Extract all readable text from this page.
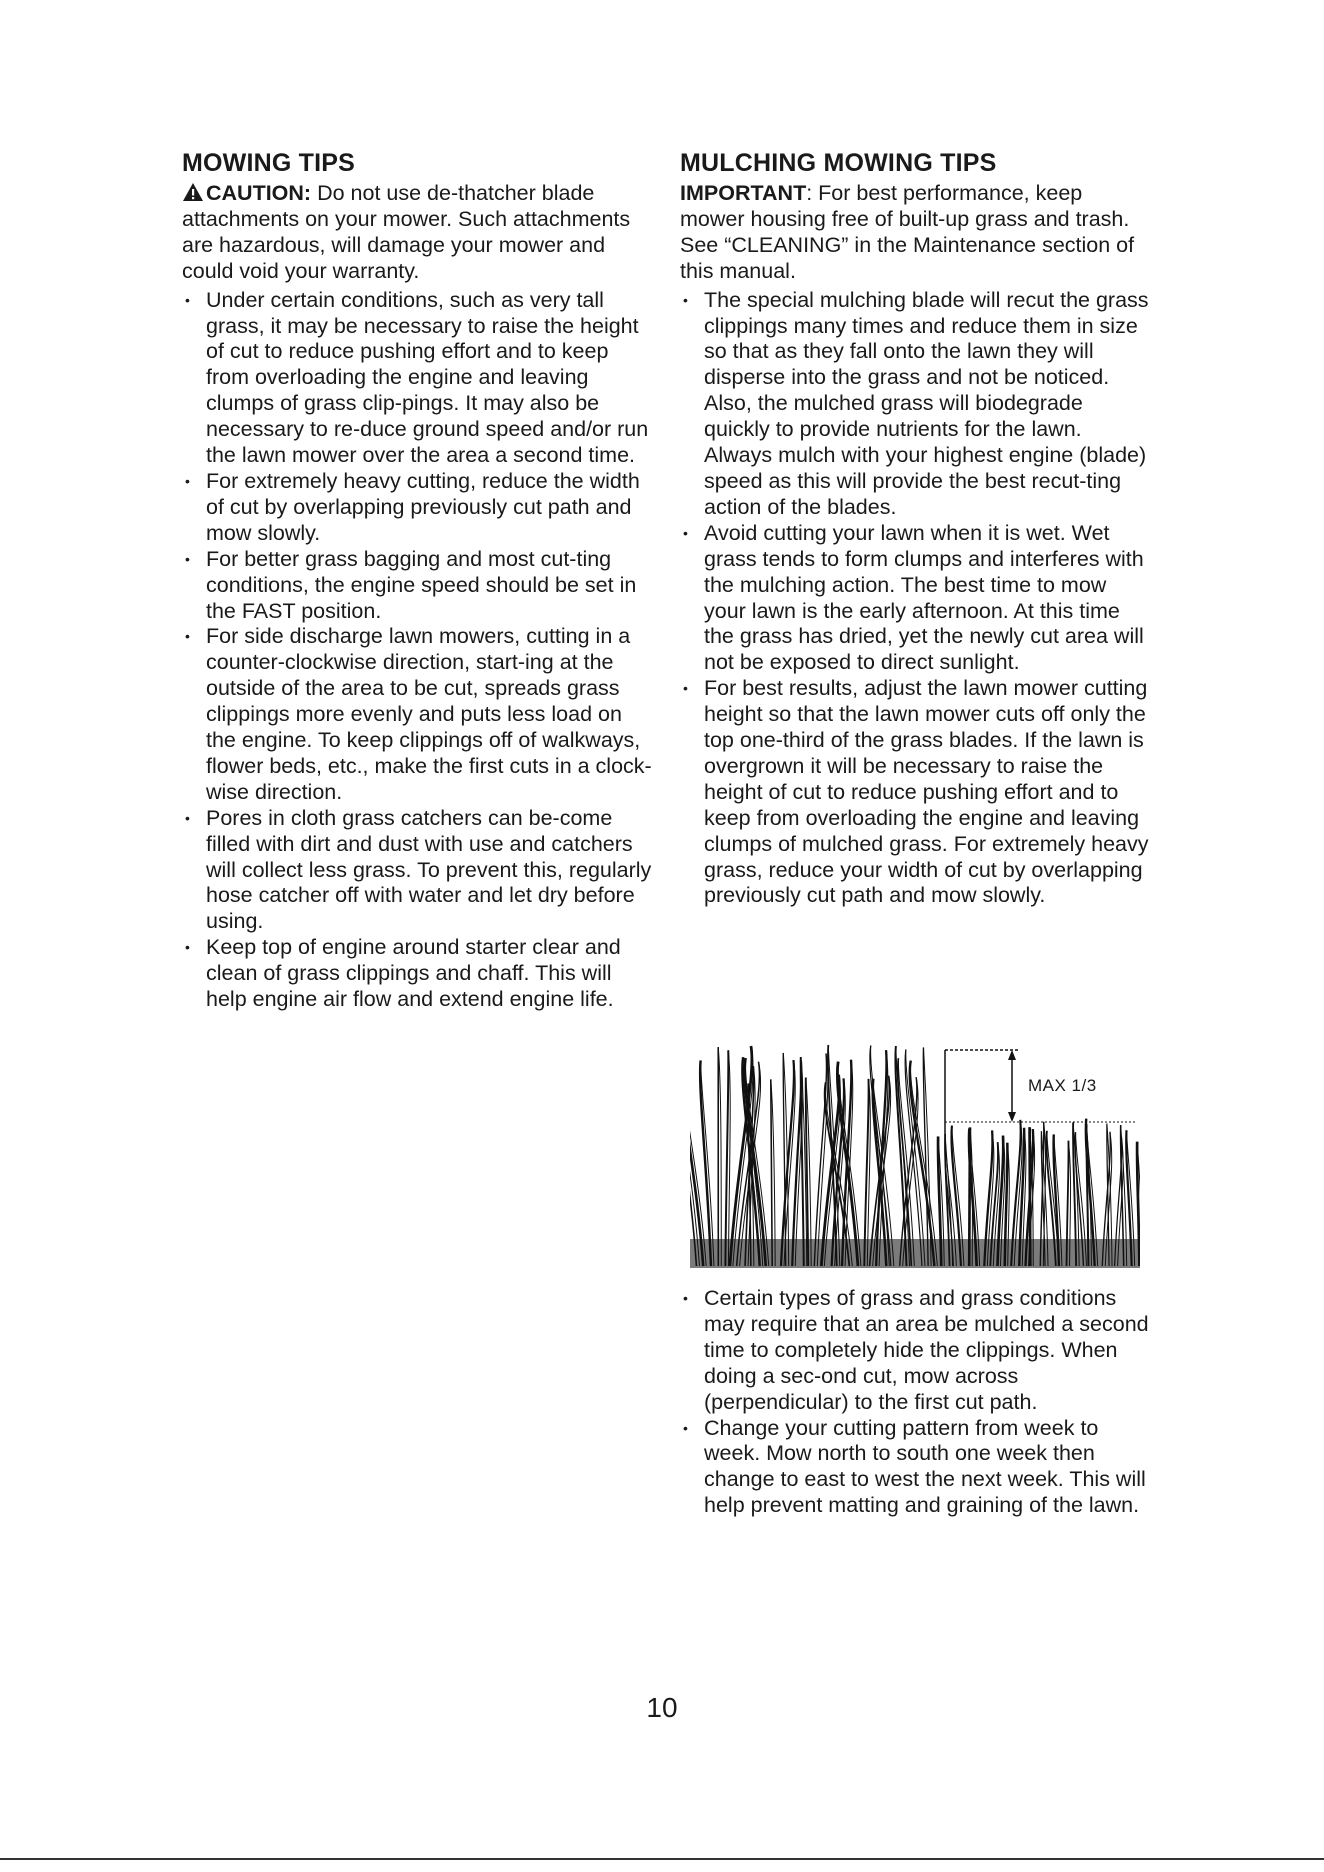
MOWING TIPS

CAUTION: Do not use de-thatcher blade attachments on your mower. Such attachments are hazardous, will damage your mower and could void your warranty.

• Under certain conditions, such as very tall grass, it may be necessary to raise the height of cut to reduce pushing effort and to keep from overloading the engine and leaving clumps of grass clip-pings. It may also be necessary to re-duce ground speed and/or run the lawn mower over the area a second time.
• For extremely heavy cutting, reduce the width of cut by overlapping previously cut path and mow slowly.
• For better grass bagging and most cut-ting conditions, the engine speed should be set in the FAST position.
• For side discharge lawn mowers, cutting in a counter-clockwise direction, start-ing at the outside of the area to be cut, spreads grass clippings more evenly and puts less load on the engine. To keep clippings off of walkways, flower beds, etc., make the first cuts in a clock-wise direction.
• Pores in cloth grass catchers can be-come filled with dirt and dust with use and catchers will collect less grass. To prevent this, regularly hose catcher off with water and let dry before using.
• Keep top of engine around starter clear and clean of grass clippings and chaff. This will help engine air flow and extend engine life.
MULCHING MOWING TIPS

IMPORTANT: For best performance, keep mower housing free of built-up grass and trash. See “CLEANING” in the Maintenance section of this manual.

• The special mulching blade will recut the grass clippings many times and reduce them in size so that as they fall onto the lawn they will disperse into the grass and not be noticed. Also, the mulched grass will biodegrade quickly to provide nutrients for the lawn. Always mulch with your highest engine (blade) speed as this will provide the best recut-ting action of the blades.
• Avoid cutting your lawn when it is wet. Wet grass tends to form clumps and interferes with the mulching action. The best time to mow your lawn is the early afternoon. At this time the grass has dried, yet the newly cut area will not be exposed to direct sunlight.
• For best results, adjust the lawn mower cutting height so that the lawn mower cuts off only the top one-third of the grass blades. If the lawn is overgrown it will be necessary to raise the height of cut to reduce pushing effort and to keep from overloading the engine and leaving clumps of mulched grass. For extremely heavy grass, reduce your width of cut by overlapping previously cut path and mow slowly.
MAX 1/3
• Certain types of grass and grass conditions may require that an area be mulched a second time to completely hide the clippings. When doing a sec-ond cut, mow across (perpendicular) to the first cut path.
• Change your cutting pattern from week to week. Mow north to south one week then change to east to west the next week. This will help prevent matting and graining of the lawn.
10
